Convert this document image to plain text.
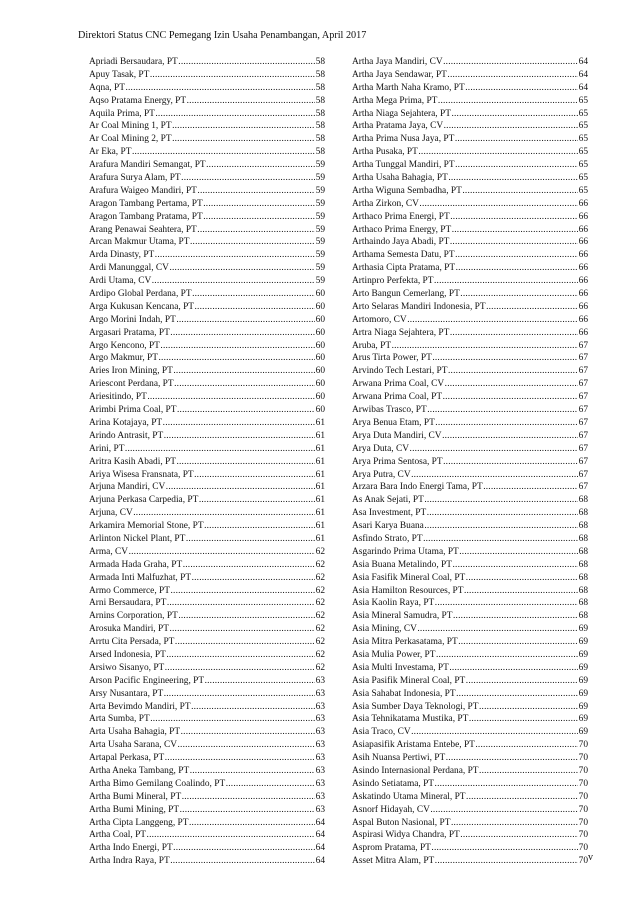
Direktori Status CNC Pemegang Izin Usaha Penambangan, April 2017
Apriadi Bersaudara, PT .....	58
Apuy Tasak, PT .....	58
Aqna, PT .....	58
Aqso Pratama Energy, PT .....	58
Aquila Prima, PT .....	58
Ar Coal Mining 1, PT .....	58
Ar Coal Mining 2, PT .....	58
Ar Eka, PT .....	58
Arafura Mandiri Semangat, PT .....	59
Arafura Surya Alam, PT .....	59
Arafura Waigeo Mandiri, PT .....	59
Aragon Tambang Pertama, PT .....	59
Aragon Tambang Pratama, PT .....	59
Arang Penawai Seahtera, PT .....	59
Arcan Makmur Utama, PT .....	59
Arda Dinasty, PT .....	59
Ardi Manunggal, CV .....	59
Ardi Utama, CV .....	59
Ardipo Global Perdana, PT .....	60
Arga Kukusan Kencana, PT .....	60
Argo Morini Indah, PT .....	60
Argasari Pratama, PT .....	60
Argo Kencono, PT .....	60
Argo Makmur, PT .....	60
Aries Iron Mining, PT .....	60
Ariescont Perdana, PT .....	60
Ariesitindo, PT .....	60
Arimbi Prima Coal, PT .....	60
Arina Kotajaya, PT .....	61
Arindo Antrasit, PT .....	61
Arini, PT .....	61
Aritra Kasih Abadi, PT .....	61
Ariya Wisesa Fransnata, PT .....	61
Arjuna Mandiri, CV .....	61
Arjuna Perkasa Carpedia, PT .....	61
Arjuna, CV .....	61
Arkamira Memorial Stone, PT .....	61
Arlinton Nickel Plant, PT .....	61
Arma, CV .....	62
Armada Hada Graha, PT .....	62
Armada Inti Malfuzhat, PT .....	62
Armo Commerce, PT .....	62
Arni Bersaudara, PT .....	62
Arnins Corporation, PT .....	62
Arosuka Mandiri, PT .....	62
Arrtu Cita Persada, PT .....	62
Arsed Indonesia, PT .....	62
Arsiwo Sisanyo, PT .....	62
Arson Pacific Engineering, PT .....	63
Arsy Nusantara, PT .....	63
Arta Bevimdo Mandiri, PT .....	63
Arta Sumba, PT .....	63
Arta Usaha Bahagia, PT .....	63
Arta Usaha Sarana, CV .....	63
Artapal Perkasa, PT .....	63
Artha Aneka Tambang, PT .....	63
Artha Bimo Gemilang Coalindo, PT .....	63
Artha Bumi Mineral, PT .....	63
Artha Bumi Mining, PT .....	63
Artha Cipta Langgeng, PT .....	64
Artha Coal, PT .....	64
Artha Indo Energi, PT .....	64
Artha Indra Raya, PT .....	64
Artha Jaya Mandiri, CV .....	64
Artha Jaya Sendawar, PT .....	64
Artha Marth Naha Kramo, PT .....	64
Artha Mega Prima, PT .....	65
Artha Niaga Sejahtera, PT .....	65
Artha Pratama Jaya, CV .....	65
Artha Prima Nusa Jaya, PT .....	65
Artha Pusaka, PT .....	65
Artha Tunggal Mandiri, PT .....	65
Artha Usaha Bahagia, PT .....	65
Artha Wiguna Sembadha, PT .....	65
Artha Zirkon, CV .....	66
Arthaco Prima Energi, PT .....	66
Arthaco Prima Energy, PT .....	66
Arthaindo Jaya Abadi, PT .....	66
Arthama Semesta Datu, PT .....	66
Arthasia Cipta Pratama, PT .....	66
Artinpro Perfekta, PT .....	66
Arto Bangun Cemerlang, PT .....	66
Arto Selaras Mandiri Indonesia, PT .....	66
Artomoro, CV .....	66
Artra Niaga Sejahtera, PT .....	66
Aruba, PT .....	67
Arus Tirta Power, PT .....	67
Arvindo Tech Lestari, PT .....	67
Arwana Prima Coal, CV .....	67
Arwana Prima Coal, PT .....	67
Arwibas Trasco, PT .....	67
Arya Benua Etam, PT .....	67
Arya Duta Mandiri, CV .....	67
Arya Duta, CV .....	67
Arya Prima Sentosa, PT .....	67
Arya Putra, CV .....	67
Arzara Bara Indo Energi Tama, PT .....	67
As Anak Sejati, PT .....	68
Asa Investment, PT .....	68
Asari Karya Buana .....	68
Asfindo Strato, PT .....	68
Asgarindo Prima Utama, PT .....	68
Asia Buana Metalindo, PT .....	68
Asia Fasifik Mineral Coal, PT .....	68
Asia Hamilton Resources, PT .....	68
Asia Kaolin Raya, PT .....	68
Asia Mineral Samudra, PT .....	68
Asia Mining, CV .....	69
Asia Mitra Perkasatama, PT .....	69
Asia Mulia Power, PT .....	69
Asia Multi Investama, PT .....	69
Asia Pasifik Mineral Coal, PT .....	69
Asia Sahabat Indonesia, PT .....	69
Asia Sumber Daya Teknologi, PT .....	69
Asia Tehnikatama Mustika, PT .....	69
Asia Traco, CV .....	69
Asiapasifik Aristama Entebe, PT .....	70
Asih Nuansa Pertiwi, PT .....	70
Asindo Internasional Perdana, PT .....	70
Asindo Setiatama, PT .....	70
Askatindo Utama Mineral, PT .....	70
Asnorf Hidayah, CV .....	70
Aspal Buton Nasional, PT .....	70
Aspirasi Widya Chandra, PT .....	70
Asprom Pratama, PT .....	70
Asset Mitra Alam, PT .....	70 v
